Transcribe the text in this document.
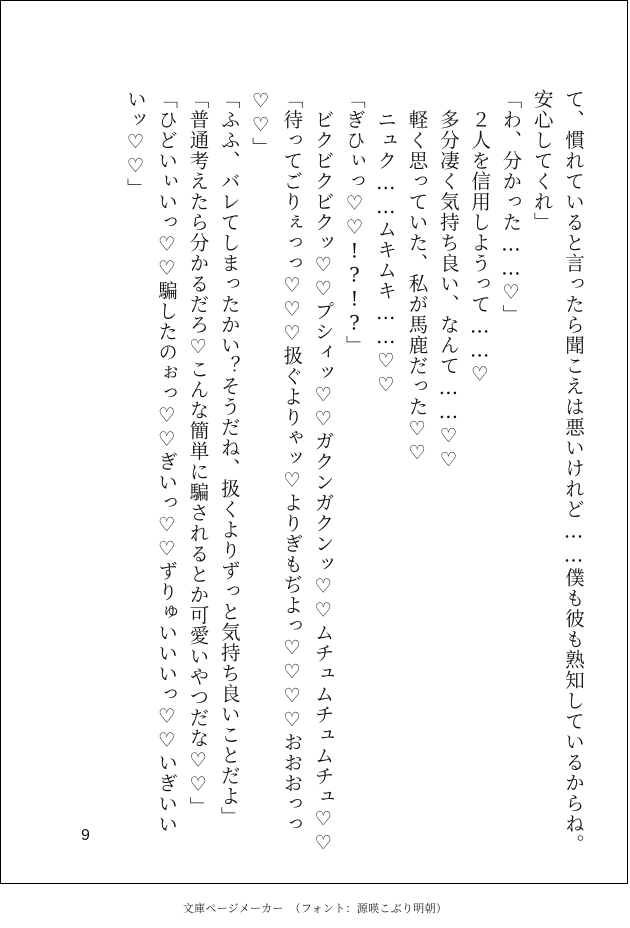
て、慣れていると言ったら聞こえは悪いけれど……僕も彼も熟知しているからね。
安心してくれ」
「わ、分かった……♡」
　２人を信用しようって……♡
　多分凄く気持ち良い、なんて……♡♡
　軽く思っていた、私が馬鹿だった♡♡
　ニュク……ムキムキ……♡♡
「ぎひぃっ♡♡!?!?」
　ビクビクビクッ♡♡プシィッ♡♡ガクンガクンッ♡♡ムチュムチュムチュ♡♡
「待ってごりぇっっ♡♡♡扱ぐよりゃッ♡よりぎもぢよっ♡♡♡♡おおおっっ
♡♡」
「ふふ、バレてしまったかい？そうだね、扱くよりずっと気持ち良いことだよ」
「普通考えたら分かるだろ♡こんな簡単に騙されるとか可愛いやつだな♡♡」
「ひどいぃいっ♡♡騙したのぉっ♡♡ぎいっ♡♡ずりゅいいいっ♡♡いぎいい
いッ♡♡」
9
文庫ページメーカー　（フォント：源暎こぶり明朝）
